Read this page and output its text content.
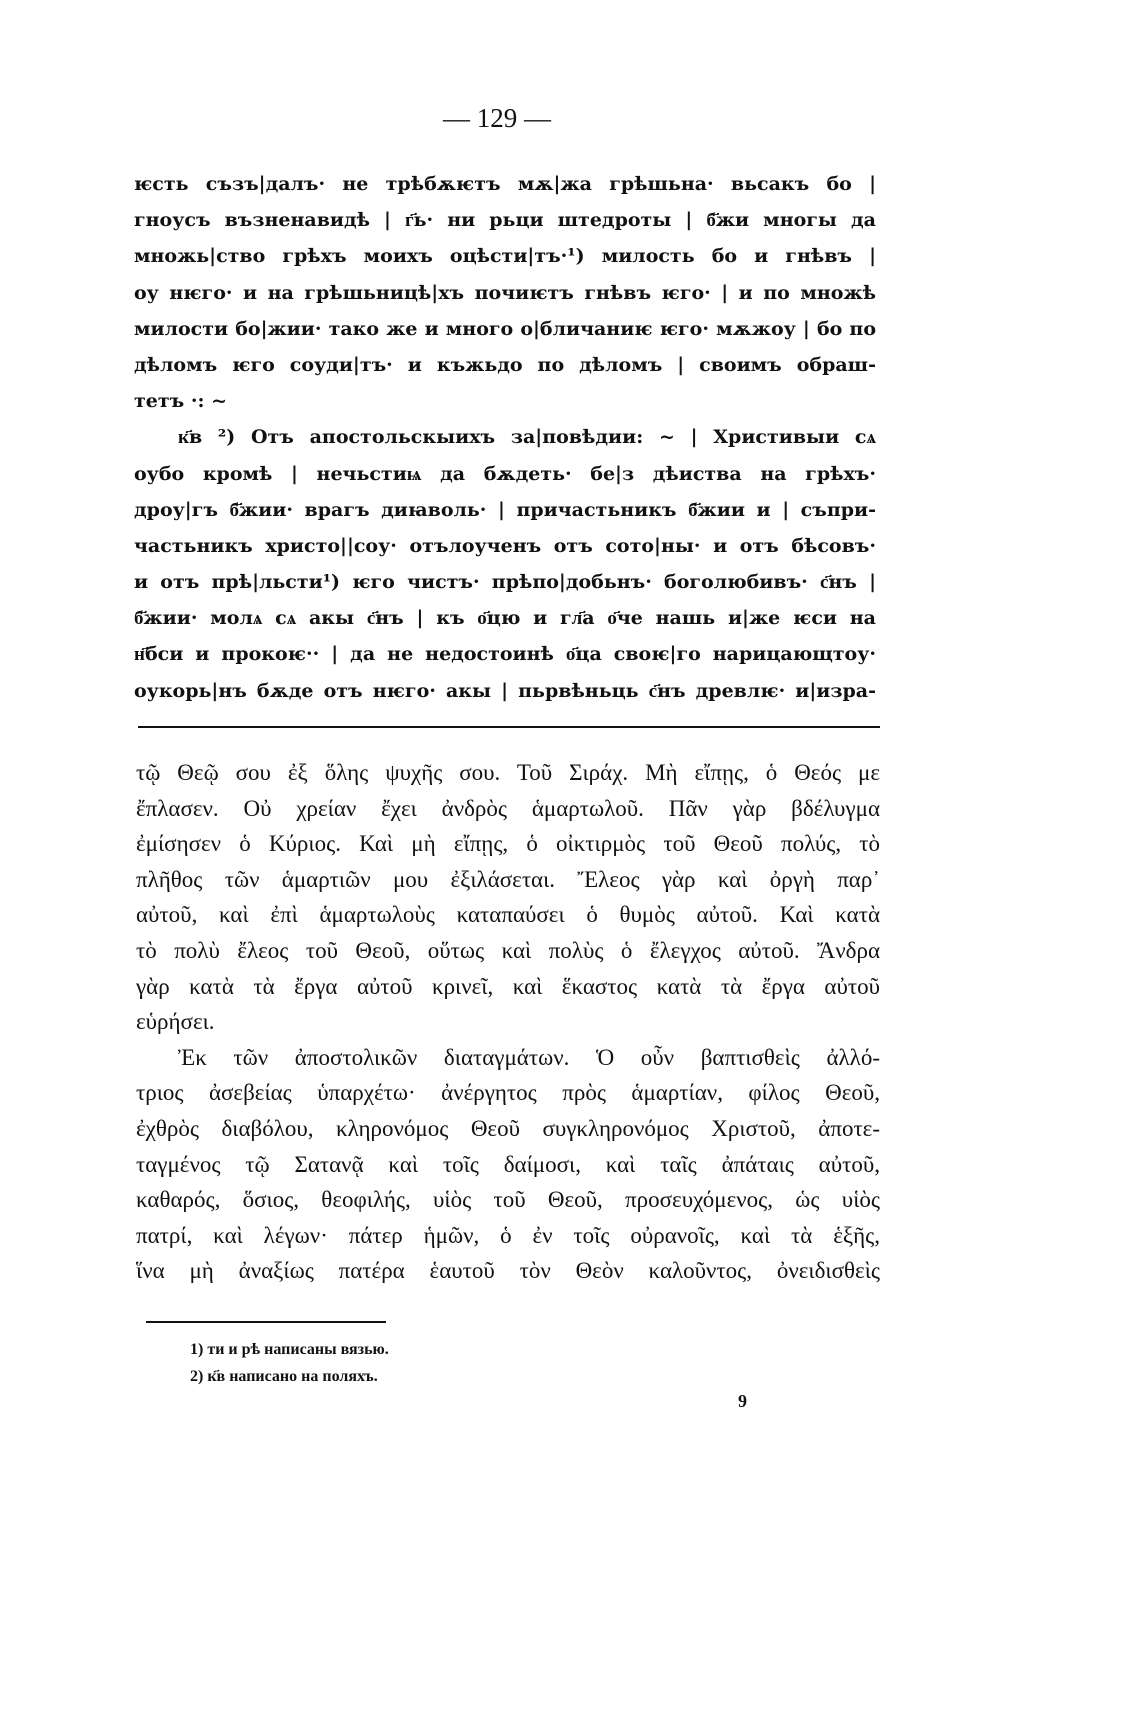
— 129 —
ѥсть съзъ|далъ· не трѣбѫѥтъ мѫ|жа грѣшьна· вьсакъ бо |
гноусъ възненавидѣ | г҃ь· ни рьци штедроты | б҃жи многы да
множь|ство грѣхъ моихъ оцѣсти|тъ·¹) милость бо и гнѣвъ |
оу нѥго· и на грѣшьницѣ|хъ почиѥтъ гнѣвъ ѥго· | и по множѣ
милости бо|жии· тако же и много о|бличаниѥ ѥго· мѫжоу | бо по
дѣломъ ѥго соуди|тъ· и къжьдо по дѣломъ | своимъ обраш-
тетъ ·: ~
к҃в ²) Отъ апостольскыихъ за|повѣдии: ~ | Христивыи сѧ
оубо кромѣ | нечьстиѩ да бѫдеть· бе|з дѣиства на грѣхъ·
дроу|гъ б҃жии· врагъ диꙗволь· | причастьникъ б҃жии и | съпри-
частьникъ христо||соу· отълоученъ отъ сото|ны· и отъ бѣсовъ·
и отъ прѣ|льсти¹) ѥго чистъ· прѣпо|добьнъ· боголюбивъ· с҃нъ |
б҃жии· молѧ сѧ акы с҃нъ | къ о҃цю и гл҃а о҃че нашь и|же ѥси на
н҃бси и прокоѥ·· | да не недостоинѣ о҃ца своѥ|го нарицающтоу·
оукорь|нъ бѫде отъ нѥго· акы | пьрвѣньць с҃нъ древлѥ· и|изра-
τῷ Θεῷ σου ἐξ ὅλης ψυχῆς σου. Τοῦ Σιράχ. Μὴ εἴπῃς, ὁ Θεός με
ἔπλασεν. Οὐ χρείαν ἔχει ἀνδρὸς ἁμαρτωλοῦ. Πᾶν γὰρ βδέλυγμα
ἐμίσησεν ὁ Κύριος. Καὶ μὴ εἴπῃς, ὁ οἰκτιρμὸς τοῦ Θεοῦ πολύς, τὸ
πλῆθος τῶν ἁμαρτιῶν μου ἐξιλάσεται. Ἔλεος γὰρ καὶ ὀργὴ παρ᾽
αὐτοῦ, καὶ ἐπὶ ἁμαρτωλοὺς καταπαύσει ὁ θυμὸς αὐτοῦ. Καὶ κατὰ
τὸ πολὺ ἔλεος τοῦ Θεοῦ, οὕτως καὶ πολὺς ὁ ἔλεγχος αὐτοῦ. Ἄνδρα
γὰρ κατὰ τὰ ἔργα αὐτοῦ κρινεῖ, καὶ ἕκαστος κατὰ τὰ ἔργα αὐτοῦ
εὑρήσει.
Ἐκ τῶν ἀποστολικῶν διαταγμάτων. Ὁ οὖν βαπτισθεὶς ἀλλό-
τριος ἀσεβείας ὑπαρχέτω· ἀνέργητος πρὸς ἁμαρτίαν, φίλος Θεοῦ,
ἐχθρὸς διαβόλου, κληρονόμος Θεοῦ συγκληρονόμος Χριστοῦ, ἀποτε-
ταγμένος τῷ Σατανᾷ καὶ τοῖς δαίμοσι, καὶ ταῖς ἀπάταις αὐτοῦ,
καθαρός, ὅσιος, θεοφιλής, υἱὸς τοῦ Θεοῦ, προσευχόμενος, ὡς υἱὸς
πατρί, καὶ λέγων· πάτερ ἡμῶν, ὁ ἐν τοῖς οὐρανοῖς, καὶ τὰ ἑξῆς,
ἵνα μὴ ἀναξίως πατέρα ἑαυτοῦ τὸν Θεὸν καλοῦντος, ὀνειδισθεὶς
1) ти и рѣ написаны вязью.
2) к҃в написано на поляхъ.
9
